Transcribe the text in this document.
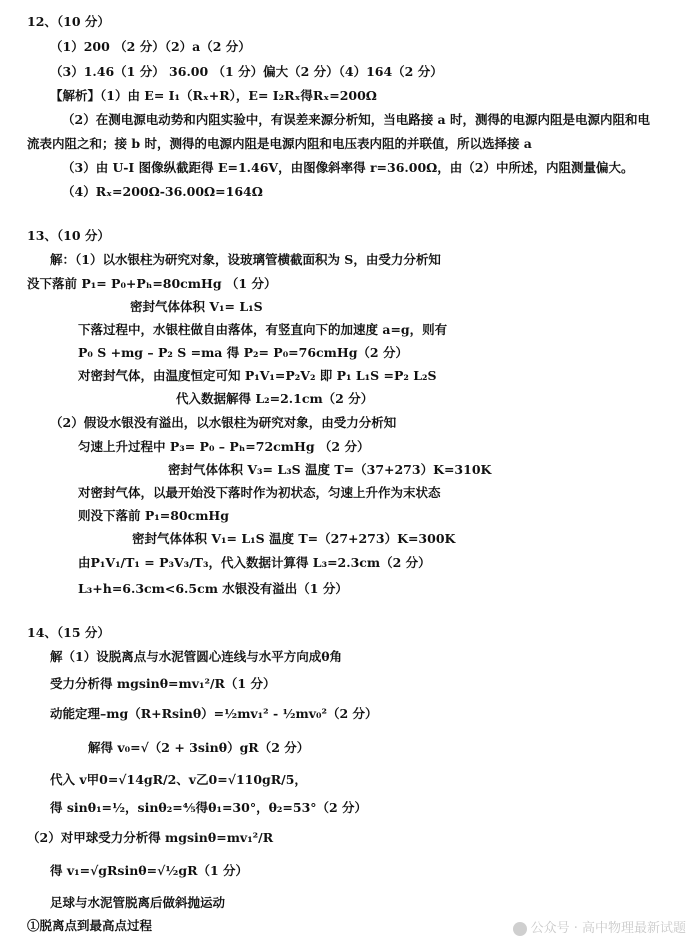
12、（10 分）
（1）200 （2 分）（2）a（2 分）
（3）1.46（1 分） 36.00 （1 分）偏大（2 分）（4）164（2 分）
【解析】（1）由 E= I₁（Rₓ+R），E= I₂Rₓ得Rₓ=200Ω
（2）在测电源电动势和内阻实验中，有误差来源分析知，当电路接 a 时，测得的电源内阻是电源内阻和电
流表内阻之和；接 b 时，测得的电源内阻是电源内阻和电压表内阻的并联值，所以选择接 a
（3）由 U-I 图像纵截距得 E=1.46V，由图像斜率得 r=36.00Ω，由（2）中所述，内阻测量偏大。
（4）Rₓ=200Ω-36.00Ω=164Ω
13、（10 分）
解：（1）以水银柱为研究对象，设玻璃管横截面积为 S，由受力分析知
没下落前 P₁= P₀+Pₕ=80cmHg （1 分）
密封气体体积 V₁= L₁S
下落过程中，水银柱做自由落体，有竖直向下的加速度 a=g，则有
P₀ S +mg – P₂ S =ma 得 P₂= P₀=76cmHg（2 分）
对密封气体，由温度恒定可知 P₁V₁=P₂V₂ 即 P₁ L₁S =P₂ L₂S
代入数据解得 L₂=2.1cm（2 分）
（2）假设水银没有溢出，以水银柱为研究对象，由受力分析知
匀速上升过程中 P₃= P₀ – Pₕ=72cmHg （2 分）
密封气体体积 V₃= L₃S 温度 T=（37+273）K=310K
对密封气体，以最开始没下落时作为初状态，匀速上升作为末状态
则没下落前 P₁=80cmHg
密封气体体积 V₁= L₁S 温度 T=（27+273）K=300K
由P₁V₁/T₁ = P₃V₃/T₃，代入数据计算得 L₃=2.3cm（2 分）
L₃+h=6.3cm<6.5cm 水银没有溢出（1 分）
14、（15 分）
解（1）设脱离点与水泥管圆心连线与水平方向成θ角
受力分析得 mgsinθ=mv₁²/R（1 分）
动能定理–mg（R+Rsinθ）=½mv₁² - ½mv₀²（2 分）
解得 v₀=√（2 + 3sinθ）gR（2 分）
代入 v甲0=√14gR/2、v乙0=√110gR/5，
得 sinθ₁=½，sinθ₂=⅘得θ₁=30°，θ₂=53°（2 分）
（2）对甲球受力分析得 mgsinθ=mv₁²/R
得 v₁=√gRsinθ=√½gR（1 分）
足球与水泥管脱离后做斜抛运动
①脱离点到最高点过程	公众号 · 高中物理最新试题
